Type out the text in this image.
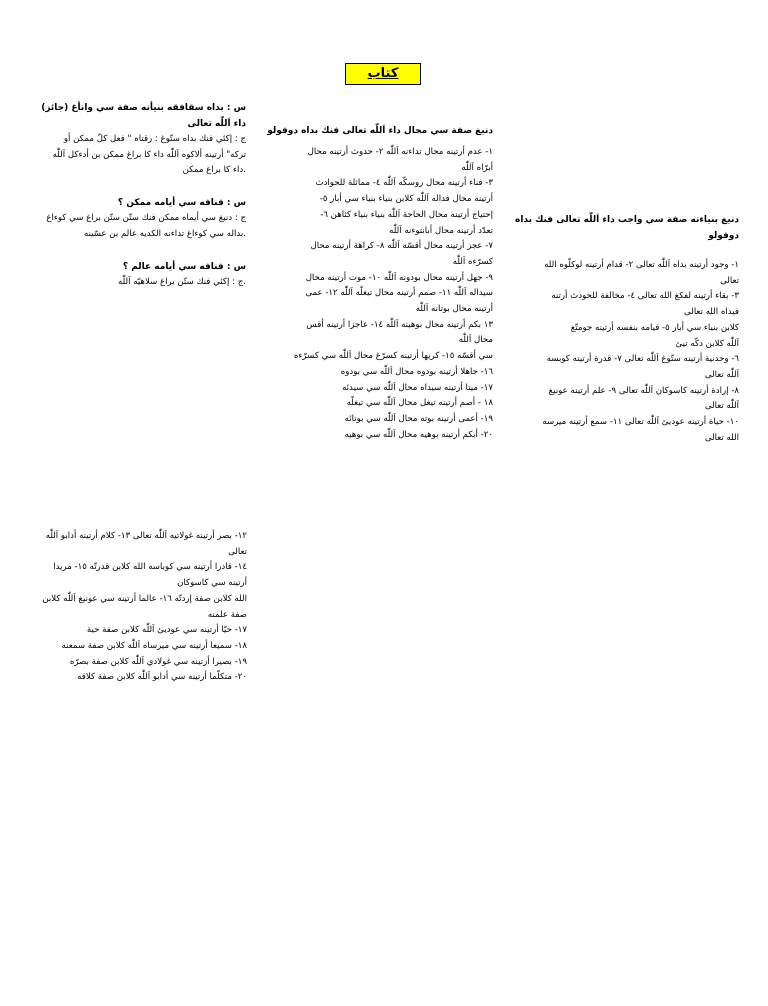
كتاب

س : بداه سقافقه بنيأنه صفة سي وانأغ (جائز) داء اَللّٰه تعالى

ج : إكئي فنك بداه ستّوغ : رقتاه " فعل كلّ ممكن أو

تركه" أرتينه ألاكوه اَللّٰه داء كا براغ ممكن بن أدءكل اَللّٰه

.داء كا براغ ممكن

س : فنافه سي أيامه ممكن ؟

ج : دنيغ سي أيماه ممكن فنك ستّن ستّن براغ سي كوءاغ

.بداله سي كوءاغ تداءنه الكديه عالم بن عسّينه

س : فنافه سي أيامه عالم ؟

.ج : إكئي فنك ستّن براغ سلاهيّه اَللّٰه

دنيغ صفة سي محال داء اَللّٰه تعالى فنك بداه دوفولو

١- عدم أرتينه محال تداءنه اَللّٰه ٢- حدوث أرتينه محال

أبرّاه اَللّٰه

٣- فناء أرتينه محال روسكّه اَللّٰه ٤- مماثلة للحوادث

أرتينه محال فداله اَللّٰه كلابن بنياء بنياء سي أبار ٥-

إحتياج أرتينه محال الحاجة اَللّٰه بنياء بنياء كثاهن ٦-

تعدّد أرتينه محال أبانتوءنه اَللّٰه

٧- عجز أرتينه محال أقسّه اَللّٰه ٨- كراهة أرتينه محال

كسرّءه اَللّٰه

٩- جهل أرتينه محال بودونه اَللّٰه ١٠- موت أرتينه محال

سيداله اَللّٰه ١١- صمم أرتينه محال تيغلّه اَللّٰه ١٢- عمى

أرتينه محال بوتانه اَللّٰه

١٣ بكم أرتينه محال بوهينه اَللّٰه ١٤- عاجزا أرتينه أقس

محال اَللّٰه

سي أقسّه ١٥- كريها أرتينه كسرّغ محال اَللّٰه سي كسرّءه

١٦- جاهلا أرتينه بودوه محال اَللّٰه سي بودوه

١٧- ميتا أرتينه سيداه محال اَللّٰه سي سيدئه

١٨ - أصم أرتينه تيغل محال اَللّٰه سي تيغلّه

١٩- أعمى أرتينه بوته محال اَللّٰه سي بوتائه

٢٠- أبكم أرتينه بوهيه محال اَللّٰه سي بوهيه

دنيغ بنياءنه صفة سي واجب داء اَللّٰه تعالى فنك بداه دوفولو

١- وجود أرتينه بداه اَللّٰه تعالى ٢- قدام أرتينه لوكلّوه الله

تعالى

٣- بقاء أرتينه لفكغ الله تعالى ٤- مخالفة للحودث أرتنه

فيداه الله تعالى

كلابن بنياء سي أبار ٥- قيامه بنفسه أرتينه جومتّغ

اَللّٰه كلابن دكّه تيئ

٦- وحدنية أرتينه ستّوغ اَللّٰه تعالى ٧- قدرة أرتينه كوبسه

اَللّٰه تعالى

٨- إرادة أرتينه كاسوكان اَللّٰه تعالى ٩- علم أرتينه عونيغ

اَللّٰه تعالى

١٠- حياة أرتينه عوديئ اَللّٰه تعالى ١١- سمع أرتينه ميرسه

الله تعالى

١٢- بصر أرتينه غولاتيه اَللّٰه تعالى ١٣- كلام أرتينه أدابو اَللّٰه

تعالى

١٤- قادرا أرتينه سي كوباسه الله كلابن قدرتّه ١٥- مريدا

أرتينه سي كاسوكان

الله كلابن صفة إردتّه ١٦- عالما أرتينه سي عونيغ اَللّٰه كلابن

صفة علمنه

١٧- حيّا أرتينه سي عوديئ اَللّٰه كلابن صفة حية

١٨- سميعا أرتينه سي ميرساه اَللّٰه كلابن صفة سمعنه

١٩- بصيرا أرتينه سي غولادي اَللّٰه كلابن صفة بصرّه

٢٠- متكلّما أرتينه سي أدابو اَللّٰه كلابن صفة كلاقه
